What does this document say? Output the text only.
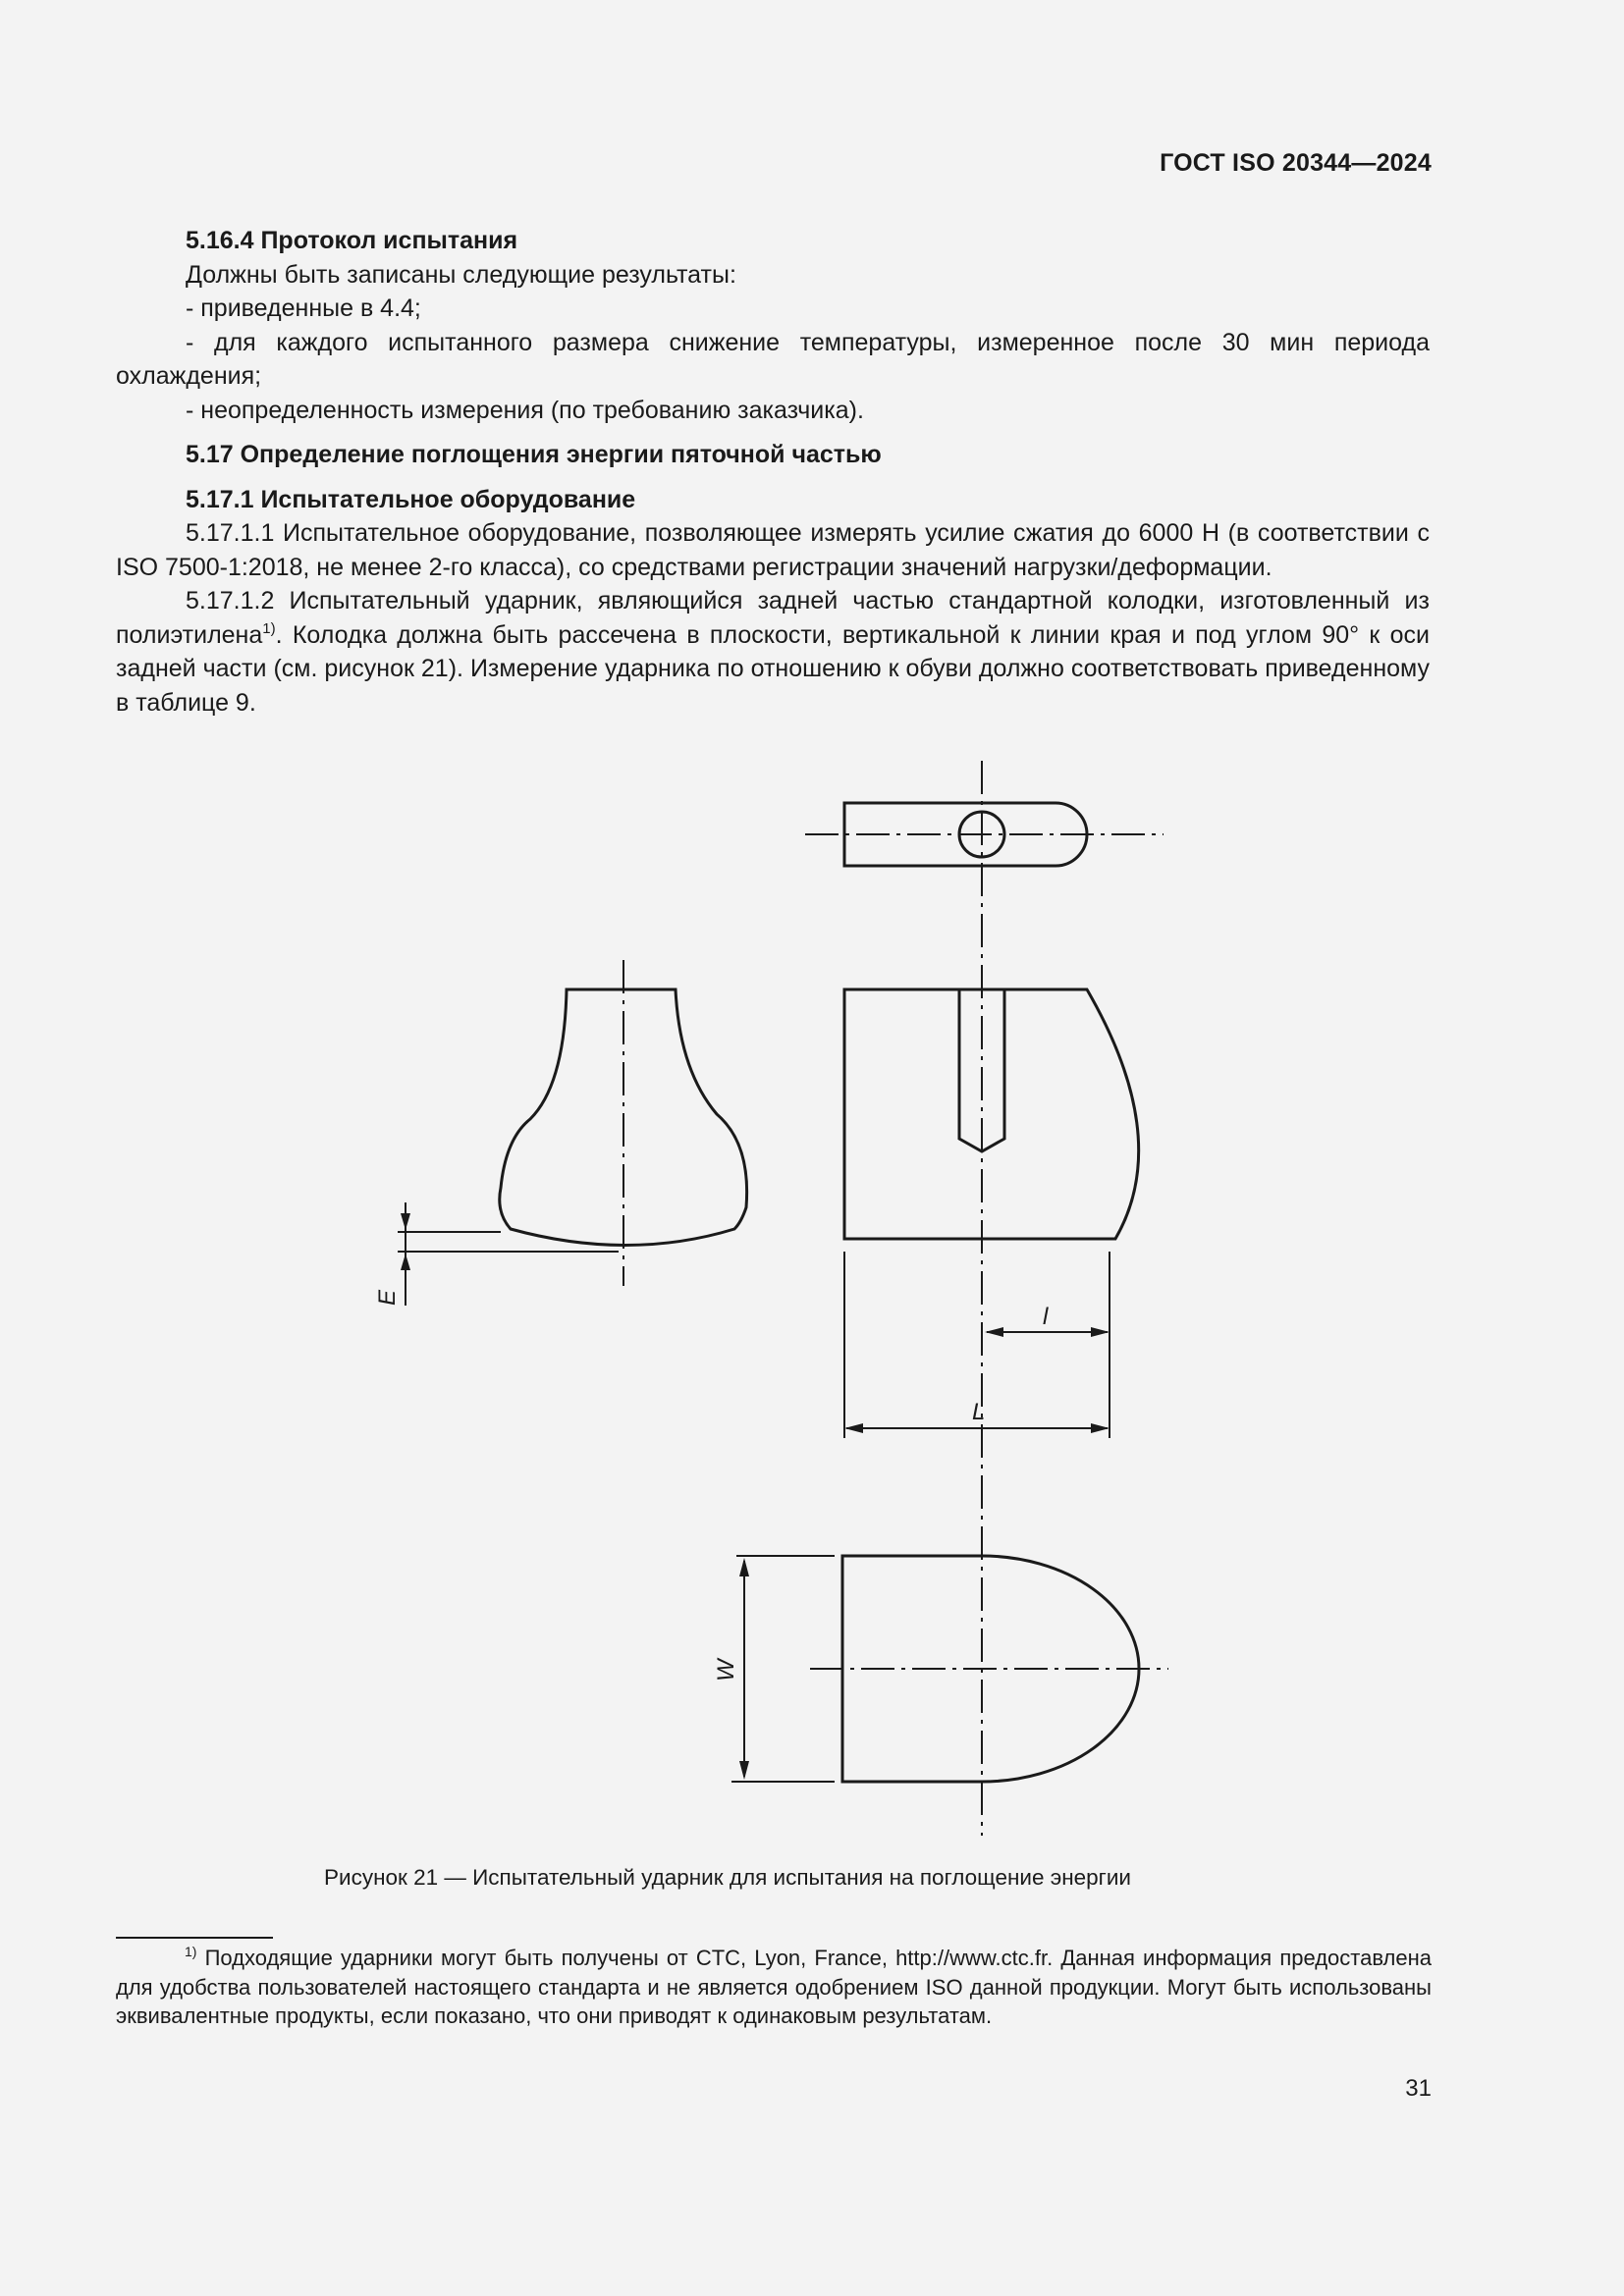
ГОСТ ISO 20344—2024

5.16.4 Протокол испытания

Должны быть записаны следующие результаты:

- приведенные в 4.4;

- для каждого испытанного размера снижение температуры, измеренное после 30 мин периода охлаждения;

- неопределенность измерения (по требованию заказчика).

5.17 Определение поглощения энергии пяточной частью

5.17.1 Испытательное оборудование

5.17.1.1 Испытательное оборудование, позволяющее измерять усилие сжатия до 6000 Н (в соответствии с ISO 7500-1:2018, не менее 2-го класса), со средствами регистрации значений нагрузки/деформации.

5.17.1.2 Испытательный ударник, являющийся задней частью стандартной колодки, изготовленный из полиэтилена$^{1)}$. Колодка должна быть рассечена в плоскости, вертикальной к линии края и под углом 90° к оси задней части (см. рисунок 21). Измерение ударника по отношению к обуви должно соответствовать приведенному в таблице 9.

l
L
W
E
Рисунок 21 — Испытательный ударник для испытания на поглощение энергии
$^{1)}$ Подходящие ударники могут быть получены от CTC, Lyon, France, http://www.ctc.fr. Данная информация предоставлена для удобства пользователей настоящего стандарта и не является одобрением ISO данной продукции. Могут быть использованы эквивалентные продукты, если показано, что они приводят к одинаковым результатам.
31
